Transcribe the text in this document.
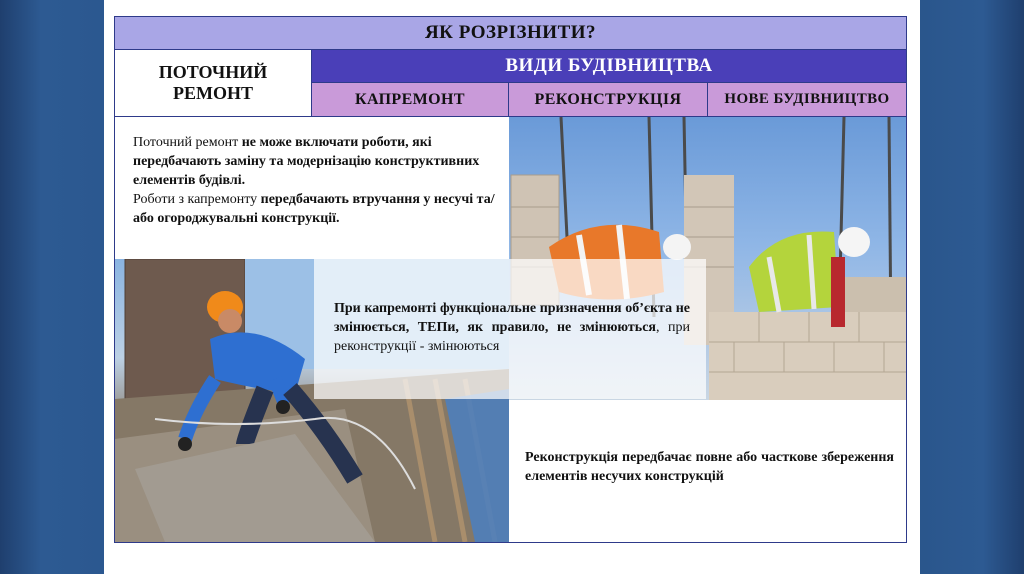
ЯК РОЗРІЗНИТИ?
ПОТОЧНИЙ
РЕМОНТ
ВИДИ БУДІВНИЦТВА
КАПРЕМОНТ	РЕКОНСТРУКЦІЯ	НОВЕ БУДІВНИЦТВО
Поточний ремонт не може включати роботи, які передбачають заміну та модернізацію конструктивних елементів будівлі.
Роботи з капремонту передбачають втручання у несучі та/або огороджувальні конструкції.
При капремонті функціональне призначення об’єкта не змінюється, ТЕПи, як правило, не змінюються, при реконструкції - змінюються
Реконструкція передбачає повне або часткове збереження елементів несучих конструкцій
